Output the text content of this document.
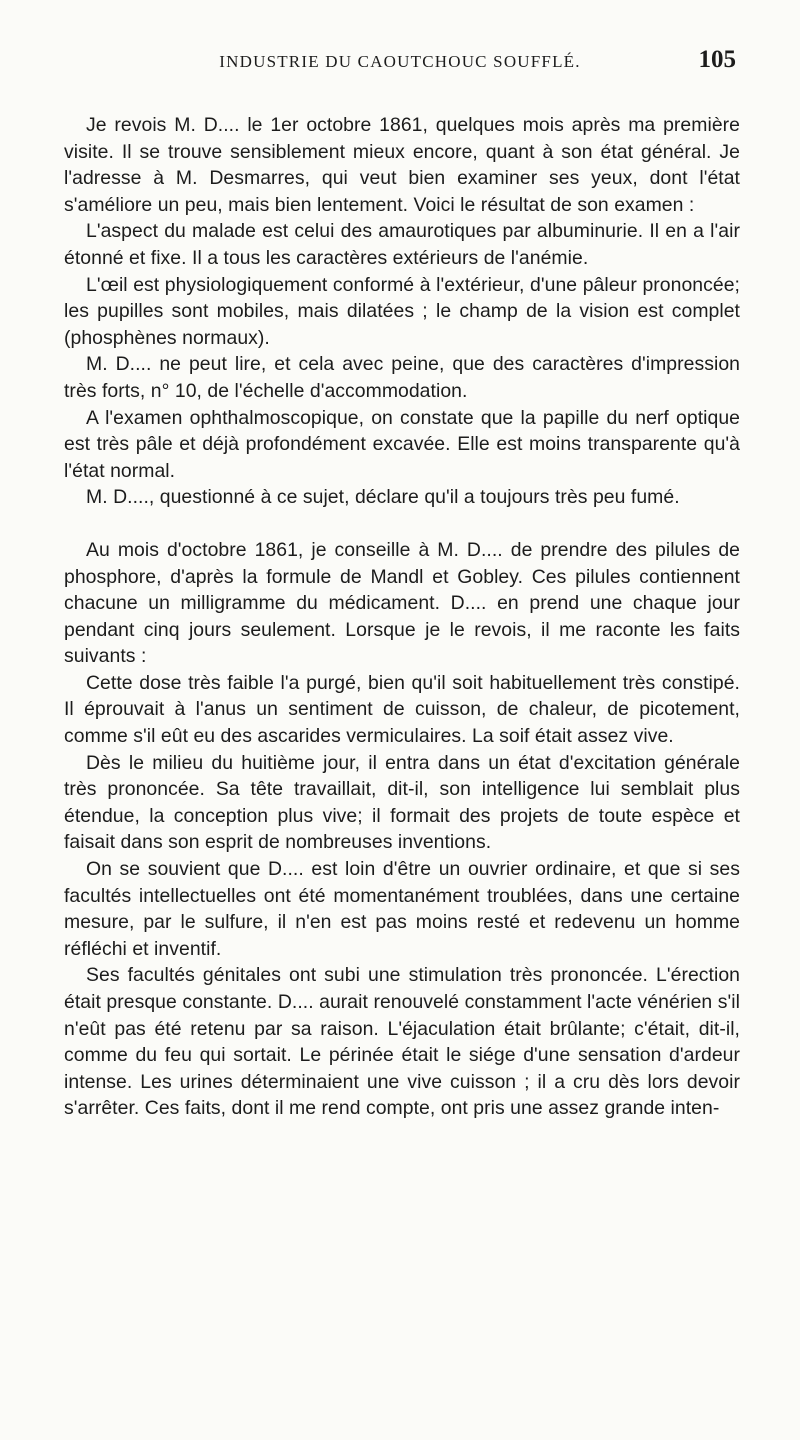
INDUSTRIE DU CAOUTCHOUC SOUFFLÉ.	105

Je revois M. D.... le 1er octobre 1861, quelques mois après ma première visite. Il se trouve sensiblement mieux encore, quant à son état général. Je l'adresse à M. Desmarres, qui veut bien examiner ses yeux, dont l'état s'améliore un peu, mais bien lentement. Voici le résultat de son examen :

L'aspect du malade est celui des amaurotiques par albuminurie. Il en a l'air étonné et fixe. Il a tous les caractères extérieurs de l'anémie.

L'œil est physiologiquement conformé à l'extérieur, d'une pâleur prononcée; les pupilles sont mobiles, mais dilatées ; le champ de la vision est complet (phosphènes normaux).

M. D.... ne peut lire, et cela avec peine, que des caractères d'impression très forts, n° 10, de l'échelle d'accommodation.

A l'examen ophthalmoscopique, on constate que la papille du nerf optique est très pâle et déjà profondément excavée. Elle est moins transparente qu'à l'état normal.

M. D...., questionné à ce sujet, déclare qu'il a toujours très peu fumé.

Au mois d'octobre 1861, je conseille à M. D.... de prendre des pilules de phosphore, d'après la formule de Mandl et Gobley. Ces pilules contiennent chacune un milligramme du médicament. D.... en prend une chaque jour pendant cinq jours seulement. Lorsque je le revois, il me raconte les faits suivants :

Cette dose très faible l'a purgé, bien qu'il soit habituellement très constipé. Il éprouvait à l'anus un sentiment de cuisson, de chaleur, de picotement, comme s'il eût eu des ascarides vermiculaires. La soif était assez vive.

Dès le milieu du huitième jour, il entra dans un état d'excitation générale très prononcée. Sa tête travaillait, dit-il, son intelligence lui semblait plus étendue, la conception plus vive; il formait des projets de toute espèce et faisait dans son esprit de nombreuses inventions.

On se souvient que D.... est loin d'être un ouvrier ordinaire, et que si ses facultés intellectuelles ont été momentanément troublées, dans une certaine mesure, par le sulfure, il n'en est pas moins resté et redevenu un homme réfléchi et inventif.

Ses facultés génitales ont subi une stimulation très prononcée. L'érection était presque constante. D.... aurait renouvelé constamment l'acte vénérien s'il n'eût pas été retenu par sa raison. L'éjaculation était brûlante; c'était, dit-il, comme du feu qui sortait. Le périnée était le siége d'une sensation d'ardeur intense. Les urines déterminaient une vive cuisson ; il a cru dès lors devoir s'arrêter. Ces faits, dont il me rend compte, ont pris une assez grande inten-
